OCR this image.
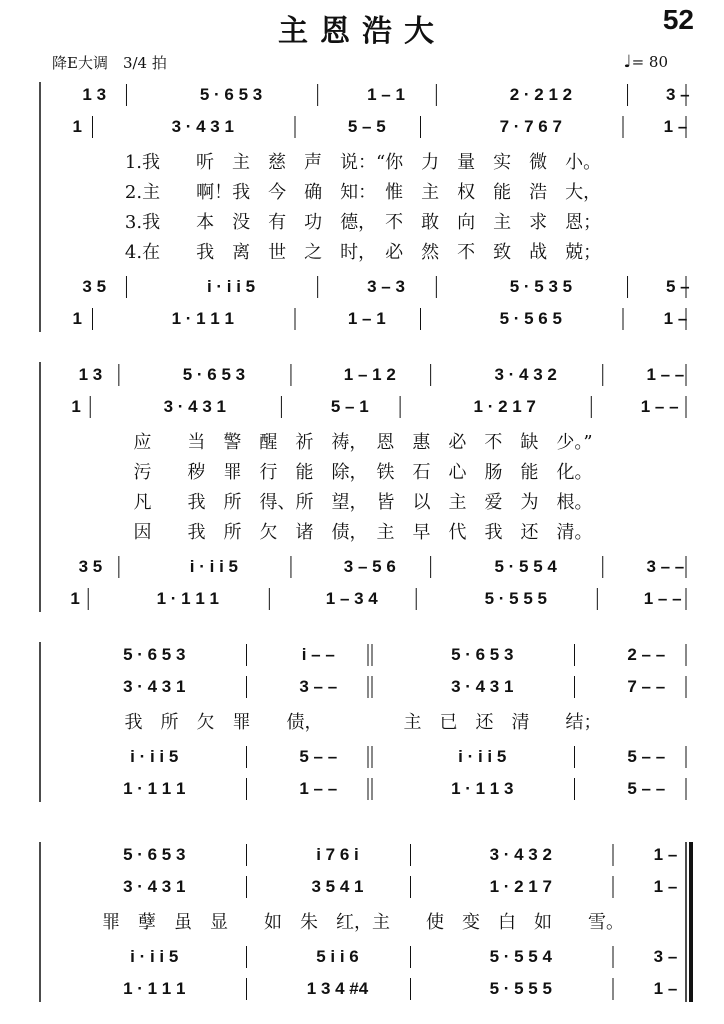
主恩浩大	52
降E大调　3/4 拍	♩= 80
1 3	5 · 6 5 3	1 – 1	2 · 2 1 2	3 –
1	3 · 4 3 1	5 – 5	7 · 7 6 7	1 –
3 5	i · i i 5	3 – 3	5 · 5 3 5	5 –
1	1 · 1 1 1	1 – 1	5 · 5 6 5	1 –
1.我　　听　主　慈　声　说：“你　力　量　实　微　小。
2.主　　啊！我　今　确　知：　惟　主　权　能　浩　大，
3.我　　本　没　有　功　德，　不　敢　向　主　求　恩；
4.在　　我　离　世　之　时，　必　然　不　致　战　兢；
1 3	5 · 6 5 3	1 – 1 2	3 · 4 3 2	1 – –
1	3 · 4 3 1	5 – 1	1 · 2 1 7	1 – –
3 5	i · i i 5	3 – 5 6	5 · 5 5 4	3 – –
1	1 · 1 1 1	1 – 3 4	5 · 5 5 5	1 – –
应　　当　警　醒　祈　祷，　恩　惠　必　不　缺　少。”
污　　秽　罪　行　能　除，　铁　石　心　肠　能　化。
凡　　我　所　得、所　望，　皆　以　主　爱　为　根。
因　　我　所　欠　诸　债，　主　早　代　我　还　清。
5 · 6 5 3	i – –	5 · 6 5 3	2 – –
3 · 4 3 1	3 – –	3 · 4 3 1	7 – –
i · i i 5	5 – –	i · i i 5	5 – –
1 · 1 1 1	1 – –	1 · 1 1 3	5 – –
我　所　欠　罪　　债，　　　　　主　已　还　清　　结；
5 · 6 5 3	i 7 6 i	3 · 4 3 2	1 –
3 · 4 3 1	3 5 4 1	1 · 2 1 7	1 –
i · i i 5	5 i i 6	5 · 5 5 4	3 –
1 · 1 1 1	1 3 4 #4	5 · 5 5 5	1 –
罪　孽　虽　显　　如　朱　红，主　　使　变　白　如　　雪。
